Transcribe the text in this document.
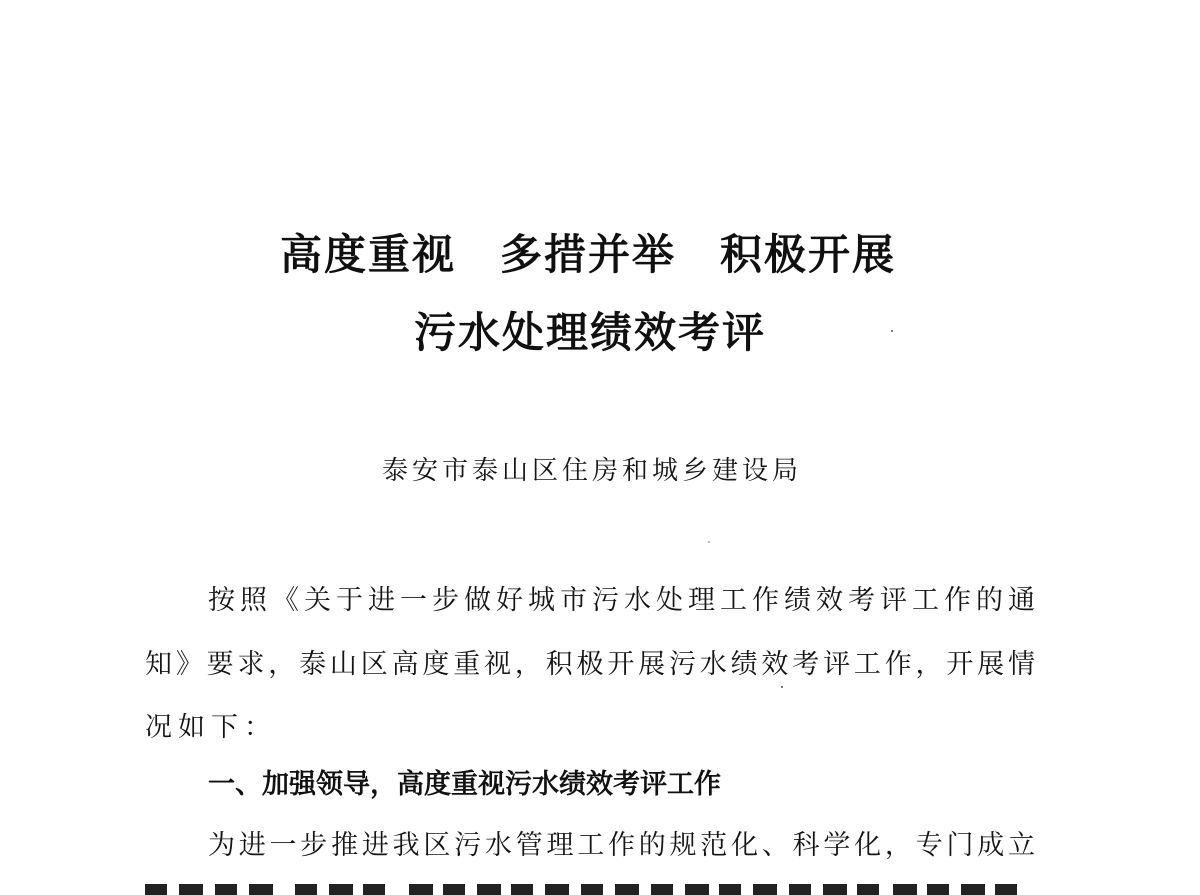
高度重视　多措并举　积极开展
污水处理绩效考评
泰安市泰山区住房和城乡建设局
按照《关于进一步做好城市污水处理工作绩效考评工作的通
知》要求，泰山区高度重视，积极开展污水绩效考评工作，开展情
况如下：
一、加强领导，高度重视污水绩效考评工作
为进一步推进我区污水管理工作的规范化、科学化，专门成立
